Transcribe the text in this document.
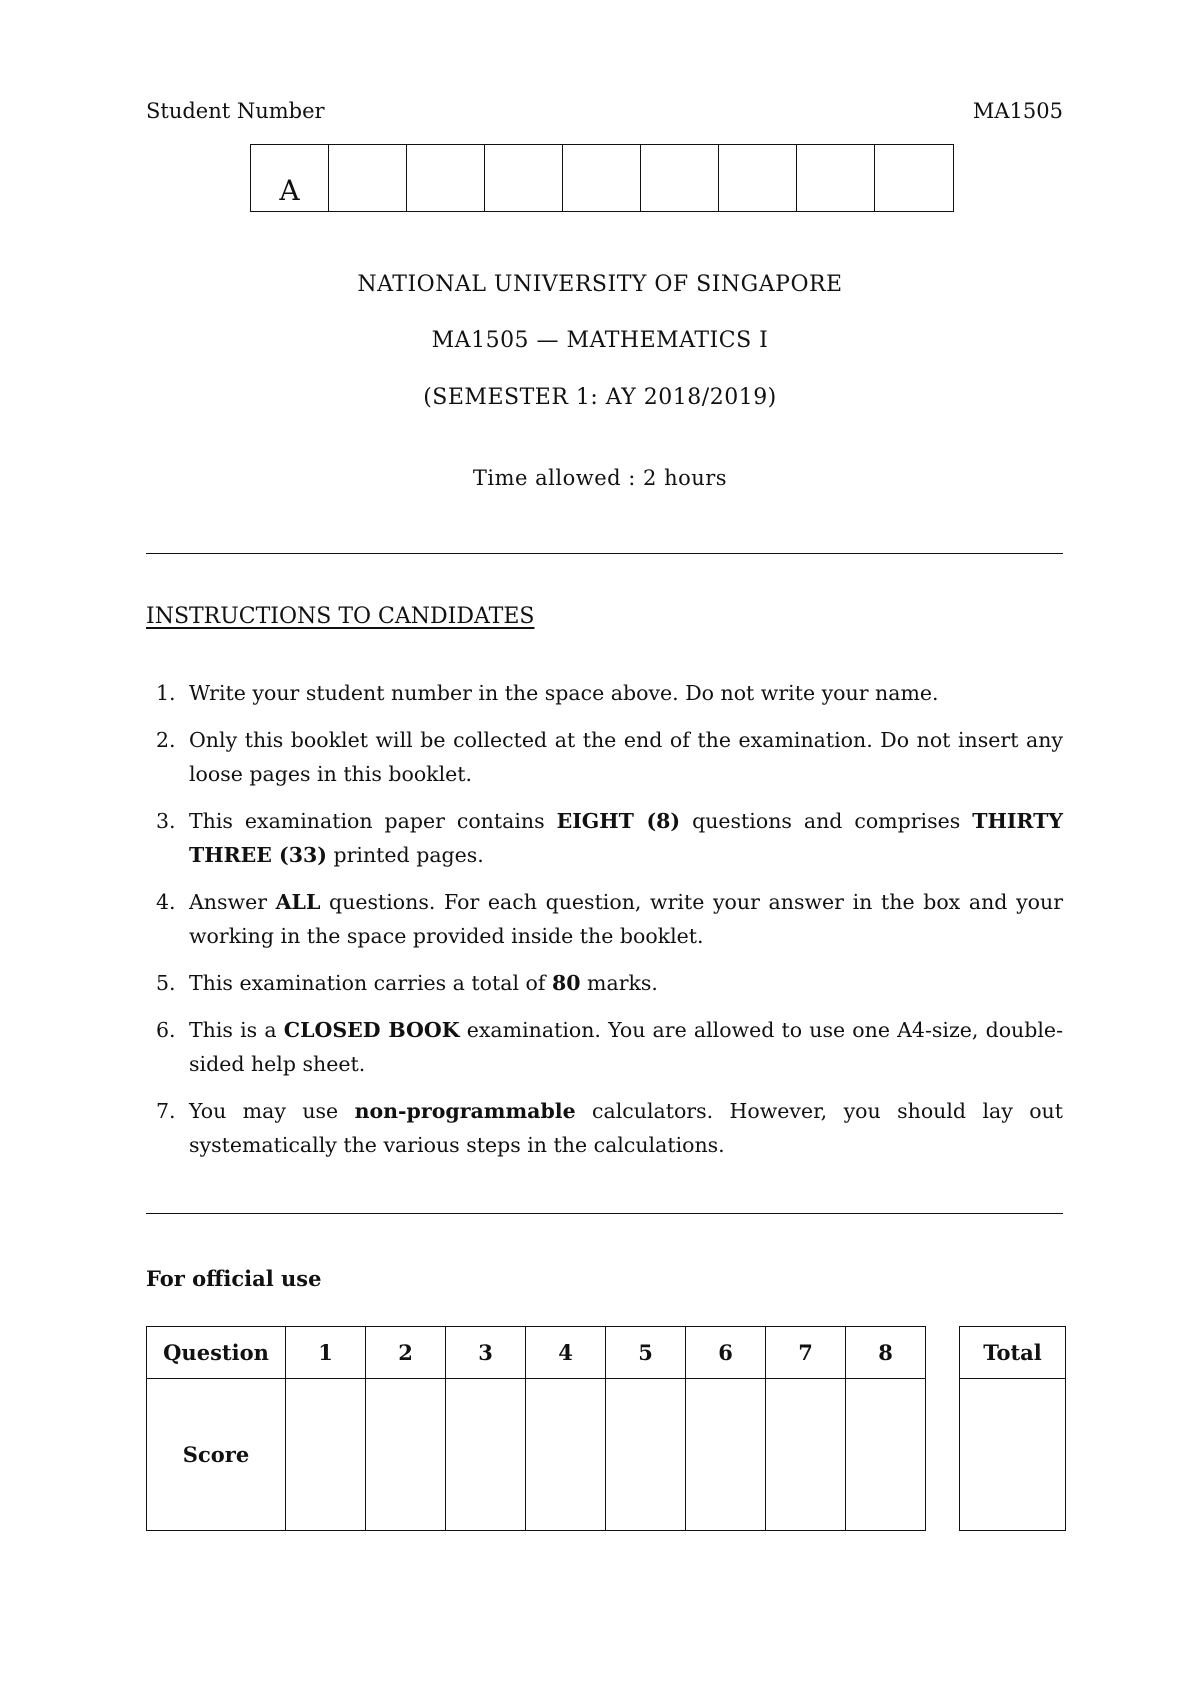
Student Number	MA1505
A
NATIONAL UNIVERSITY OF SINGAPORE
MA1505 — MATHEMATICS I
(SEMESTER 1: AY 2018/2019)
Time allowed : 2 hours
INSTRUCTIONS TO CANDIDATES
1. Write your student number in the space above. Do not write your name.
2. Only this booklet will be collected at the end of the examination. Do not insert any loose pages in this booklet.
3. This examination paper contains EIGHT (8) questions and comprises THIRTY THREE (33) printed pages.
4. Answer ALL questions. For each question, write your answer in the box and your working in the space provided inside the booklet.
5. This examination carries a total of 80 marks.
6. This is a CLOSED BOOK examination. You are allowed to use one A4-size, double-sided help sheet.
7. You may use non-programmable calculators. However, you should lay out systematically the various steps in the calculations.
For official use
Question	1	2	3	4	5	6	7	8
Score								
Total
